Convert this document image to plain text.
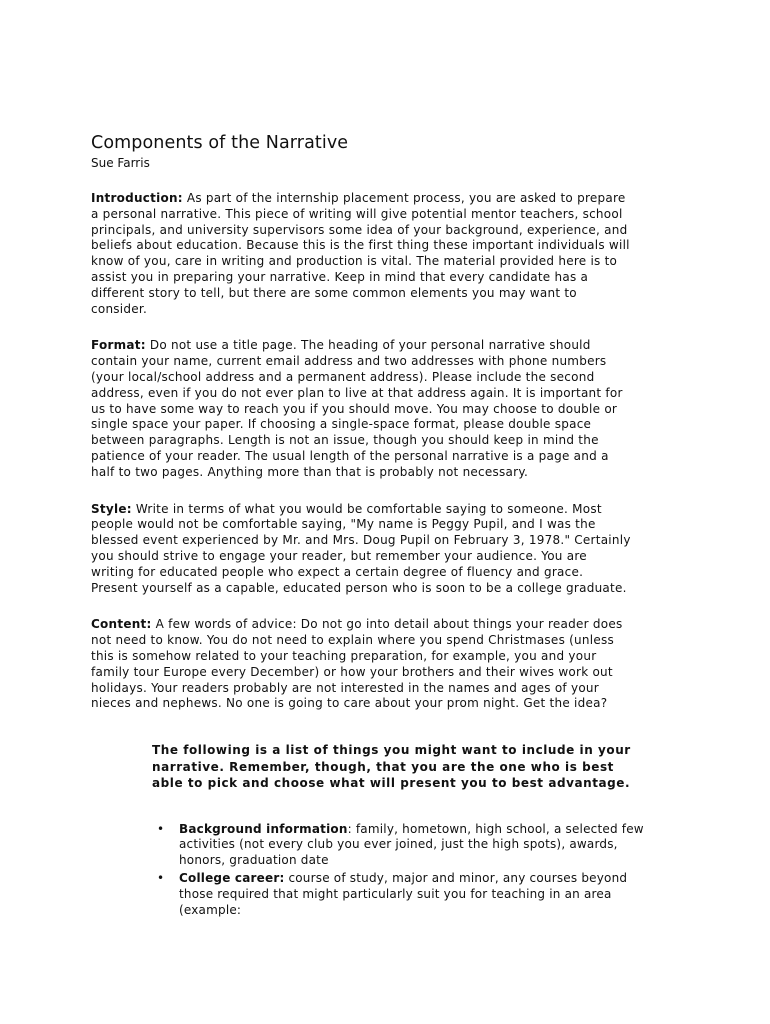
Components of the Narrative
Sue Farris

Introduction: As part of the internship placement process, you are asked to prepare a personal narrative. This piece of writing will give potential mentor teachers, school principals, and university supervisors some idea of your background, experience, and beliefs about education. Because this is the first thing these important individuals will know of you, care in writing and production is vital. The material provided here is to assist you in preparing your narrative. Keep in mind that every candidate has a different story to tell, but there are some common elements you may want to consider.

Format: Do not use a title page. The heading of your personal narrative should contain your name, current email address and two addresses with phone numbers (your local/school address and a permanent address). Please include the second address, even if you do not ever plan to live at that address again. It is important for us to have some way to reach you if you should move. You may choose to double or single space your paper. If choosing a single-space format, please double space between paragraphs. Length is not an issue, though you should keep in mind the patience of your reader. The usual length of the personal narrative is a page and a half to two pages. Anything more than that is probably not necessary.

Style: Write in terms of what you would be comfortable saying to someone. Most people would not be comfortable saying, "My name is Peggy Pupil, and I was the blessed event experienced by Mr. and Mrs. Doug Pupil on February 3, 1978." Certainly you should strive to engage your reader, but remember your audience. You are writing for educated people who expect a certain degree of fluency and grace. Present yourself as a capable, educated person who is soon to be a college graduate.

Content: A few words of advice: Do not go into detail about things your reader does not need to know. You do not need to explain where you spend Christmases (unless this is somehow related to your teaching preparation, for example, you and your family tour Europe every December) or how your brothers and their wives work out holidays. Your readers probably are not interested in the names and ages of your nieces and nephews. No one is going to care about your prom night. Get the idea?

The following is a list of things you might want to include in your narrative. Remember, though, that you are the one who is best able to pick and choose what will present you to best advantage.
• Background information: family, hometown, high school, a selected few activities (not every club you ever joined, just the high spots), awards, honors, graduation date
• College career: course of study, major and minor, any courses beyond those required that might particularly suit you for teaching in an area (example:
